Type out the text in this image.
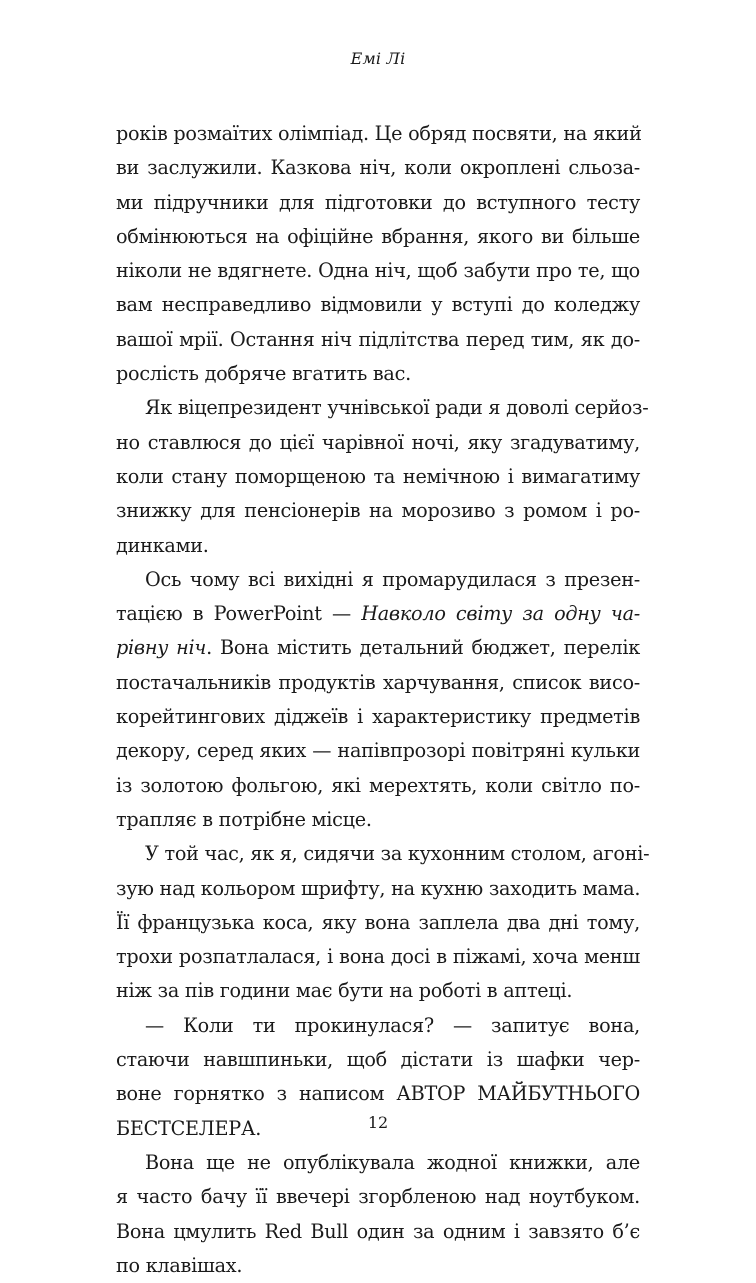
Емі Лі
років розмаїтих олімпіад. Це обряд посвяти, на який
ви заслужили. Казкова ніч, коли окроплені сльоза-
ми підручники для підготовки до вступного тесту
обмінюються на офіційне вбрання, якого ви більше
ніколи не вдягнете. Одна ніч, щоб забути про те, що
вам несправедливо відмовили у вступі до коледжу
вашої мрії. Остання ніч підлітства перед тим, як до-
рослість добряче вгатить вас.
Як віцепрезидент учнівської ради я доволі серйоз-
но ставлюся до цієї чарівної ночі, яку згадуватиму,
коли стану поморщеною та немічною і вимагатиму
знижку для пенсіонерів на морозиво з ромом і ро-
динками.
Ось чому всі вихідні я промарудилася з презен-
тацією в PowerPoint — Навколо світу за одну ча-
рівну ніч. Вона містить детальний бюджет, перелік
постачальників продуктів харчування, список висо-
корейтингових діджеїв і характеристику предметів
декору, серед яких — напівпрозорі повітряні кульки
із золотою фольгою, які мерехтять, коли світло по-
трапляє в потрібне місце.
У той час, як я, сидячи за кухонним столом, агоні-
зую над кольором шрифту, на кухню заходить мама.
Її французька коса, яку вона заплела два дні тому,
трохи розпатлалася, і вона досі в піжамі, хоча менш
ніж за пів години має бути на роботі в аптеці.
— Коли ти прокинулася? — запитує вона,
стаючи навшпиньки, щоб дістати із шафки чер-
воне горнятко з написом АВТОР МАЙБУТНЬОГО
БЕСТСЕЛЕРА.
Вона ще не опублікувала жодної книжки, але
я часто бачу її ввечері згорбленою над ноутбуком.
Вона цмулить Red Bull один за одним і завзято б’є
по клавішах.
12
